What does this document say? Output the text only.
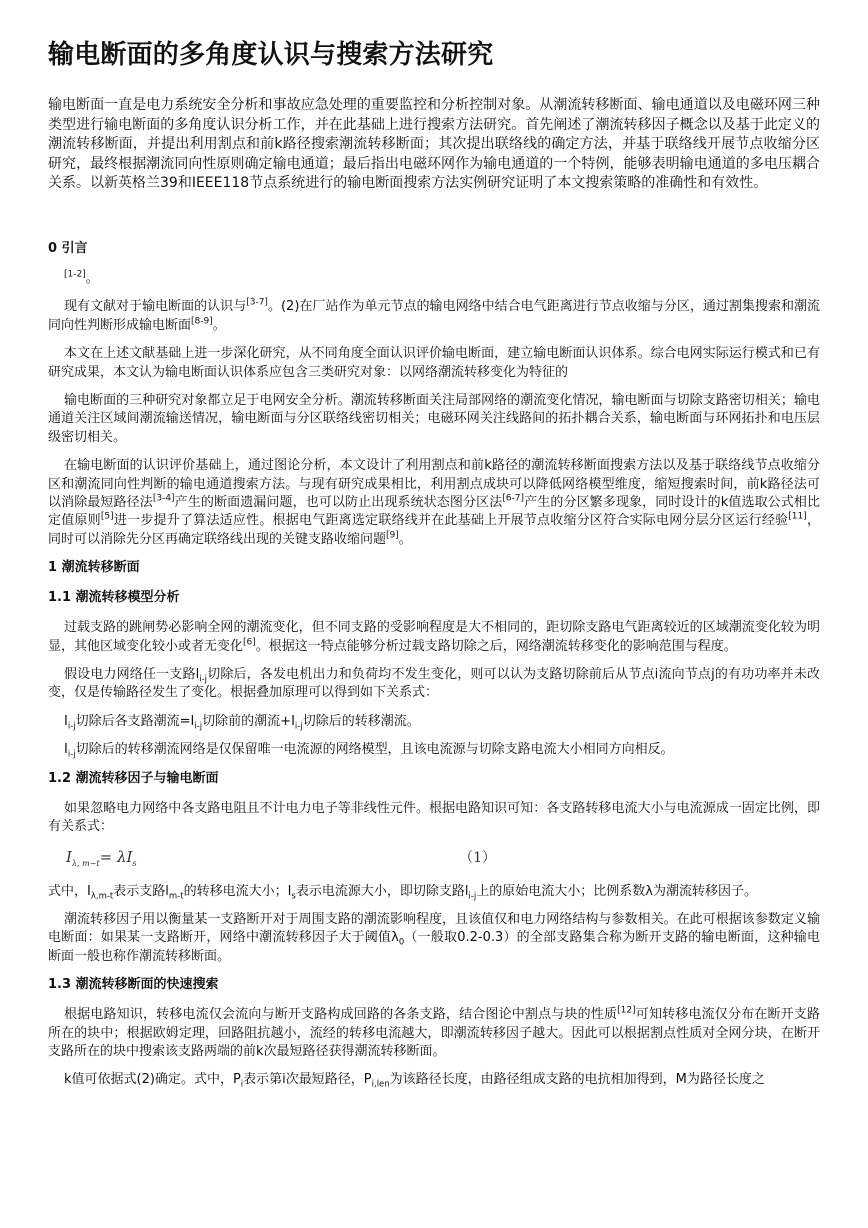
输电断面的多角度认识与搜索方法研究

输电断面一直是电力系统安全分析和事故应急处理的重要监控和分析控制对象。从潮流转移断面、输电通道以及电磁环网三种类型进行输电断面的多角度认识分析工作，并在此基础上进行搜索方法研究。首先阐述了潮流转移因子概念以及基于此定义的潮流转移断面，并提出利用割点和前k路径搜索潮流转移断面；其次提出联络线的确定方法，并基于联络线开展节点收缩分区研究，最终根据潮流同向性原则确定输电通道；最后指出电磁环网作为输电通道的一个特例，能够表明输电通道的多电压耦合关系。以新英格兰39和IEEE118节点系统进行的输电断面搜索方法实例研究证明了本文搜索策略的准确性和有效性。

0 引言

[1-2]。

现有文献对于输电断面的认识与[3-7]。(2)在厂站作为单元节点的输电网络中结合电气距离进行节点收缩与分区，通过割集搜索和潮流同向性判断形成输电断面[8-9]。

本文在上述文献基础上进一步深化研究，从不同角度全面认识评价输电断面，建立输电断面认识体系。综合电网实际运行模式和已有研究成果，本文认为输电断面认识体系应包含三类研究对象：以网络潮流转移变化为特征的

输电断面的三种研究对象都立足于电网安全分析。潮流转移断面关注局部网络的潮流变化情况，输电断面与切除支路密切相关；输电通道关注区域间潮流输送情况，输电断面与分区联络线密切相关；电磁环网关注线路间的拓扑耦合关系，输电断面与环网拓扑和电压层级密切相关。

在输电断面的认识评价基础上，通过图论分析，本文设计了利用割点和前k路径的潮流转移断面搜索方法以及基于联络线节点收缩分区和潮流同向性判断的输电通道搜索方法。与现有研究成果相比，利用割点成块可以降低网络模型维度，缩短搜索时间，前k路径法可以消除最短路径法[3-4]产生的断面遗漏问题，也可以防止出现系统状态图分区法[6-7]产生的分区繁多现象，同时设计的k值选取公式相比定值原则[5]进一步提升了算法适应性。根据电气距离选定联络线并在此基础上开展节点收缩分区符合实际电网分层分区运行经验[11]，同时可以消除先分区再确定联络线出现的关键支路收缩问题[9]。

1 潮流转移断面
1.1 潮流转移模型分析

过载支路的跳闸势必影响全网的潮流变化，但不同支路的受影响程度是大不相同的，距切除支路电气距离较近的区域潮流变化较为明显，其他区域变化较小或者无变化[6]。根据这一特点能够分析过载支路切除之后，网络潮流转移变化的影响范围与程度。

假设电力网络任一支路$l_{i-j}$切除后，各发电机出力和负荷均不发生变化，则可以认为支路切除前后从节点i流向节点j的有功功率并未改变，仅是传输路径发生了变化。根据叠加原理可以得到如下关系式：

$I_{i-j}$切除后各支路潮流$=I_{i-j}$切除前的潮流$+I_{i-j}$切除后的转移潮流。

$I_{i-j}$切除后的转移潮流网络是仅保留唯一电流源的网络模型，且该电流源与切除支路电流大小相同方向相反。

1.2 潮流转移因子与输电断面

如果忽略电力网络中各支路电阻且不计电力电子等非线性元件。根据电路知识可知：各支路转移电流大小与电流源成一固定比例，即有关系式：

$I_{\lambda, m-t}= \lambda I_s$	（1）

式中，$I_{\lambda,m-t}$表示支路$l_{m-t}$的转移电流大小；$I_s$表示电流源大小，即切除支路$l_{i-j}$上的原始电流大小；比例系数λ为潮流转移因子。

潮流转移因子用以衡量某一支路断开对于周围支路的潮流影响程度，且该值仅和电力网络结构与参数相关。在此可根据该参数定义输电断面：如果某一支路断开，网络中潮流转移因子大于阈值$\lambda_0$（一般取0.2-0.3）的全部支路集合称为断开支路的输电断面，这种输电断面一般也称作潮流转移断面。

1.3 潮流转移断面的快速搜索

根据电路知识，转移电流仅会流向与断开支路构成回路的各条支路，结合图论中割点与块的性质[12]可知转移电流仅分布在断开支路所在的块中；根据欧姆定理，回路阻抗越小，流经的转移电流越大，即潮流转移因子越大。因此可以根据割点性质对全网分块，在断开支路所在的块中搜索该支路两端的前k次最短路径获得潮流转移断面。

k值可依据式(2)确定。式中，$P_i$表示第i次最短路径，$P_{i,len}$为该路径长度，由路径组成支路的电抗相加得到，M为路径长度之
